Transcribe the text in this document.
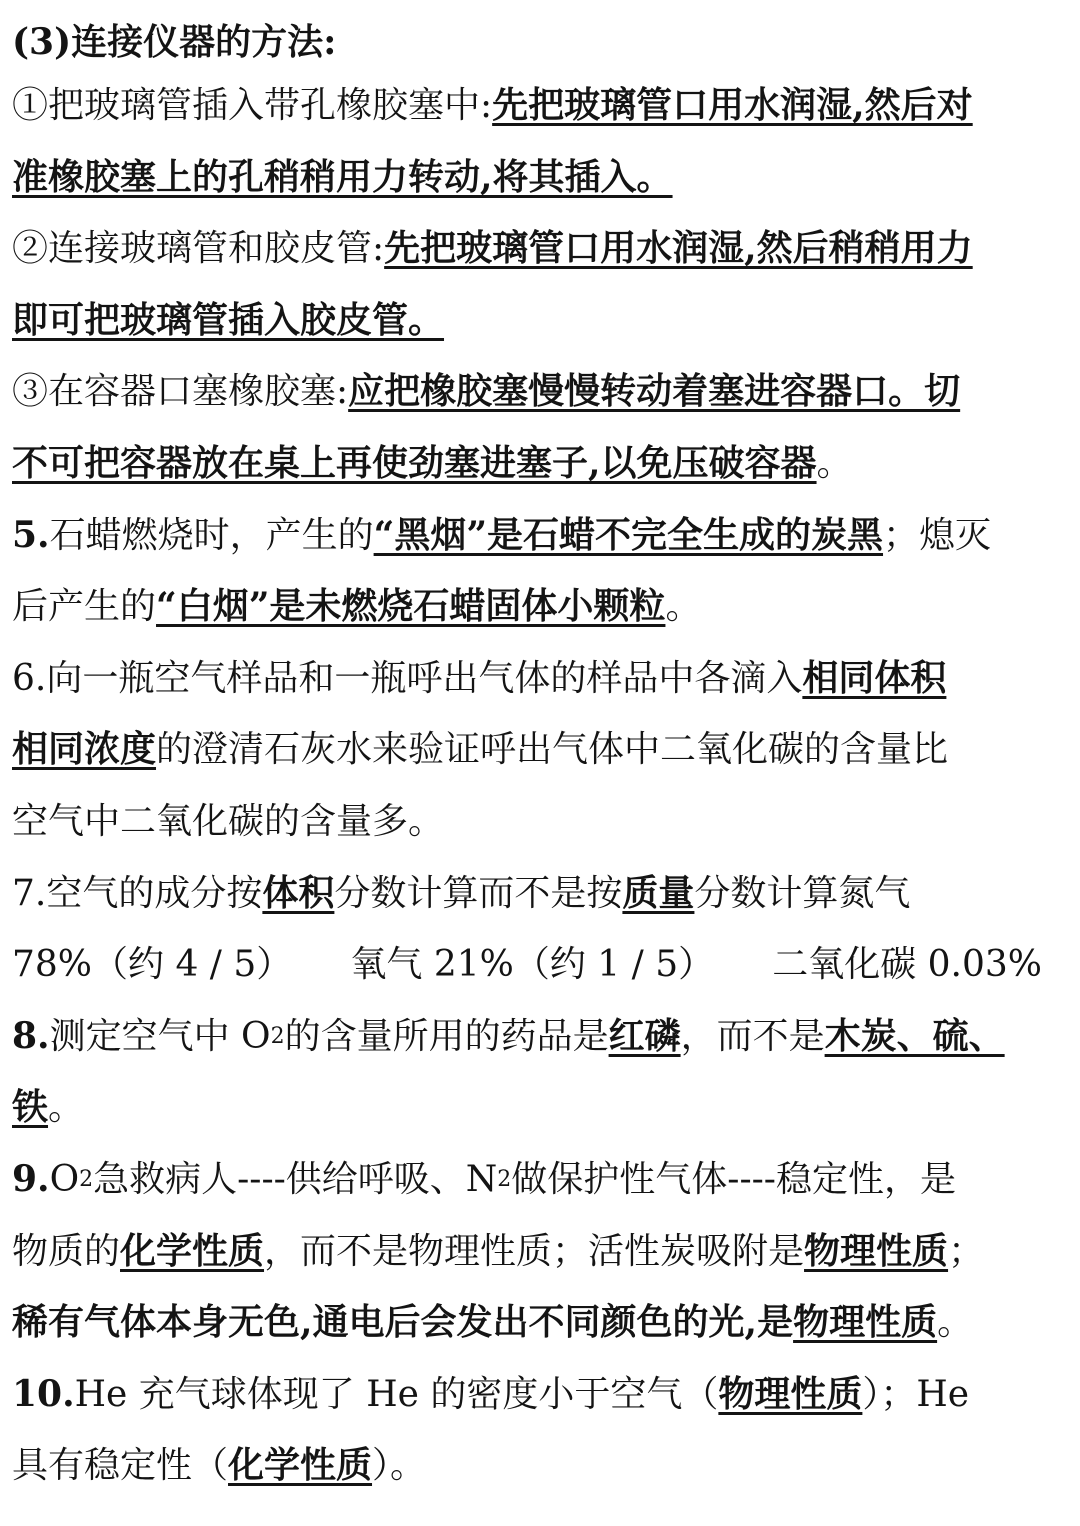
(3)连接仪器的方法:
①把玻璃管插入带孔橡胶塞中: 先把玻璃管口用水润湿,然后对
准橡胶塞上的孔稍稍用力转动,将其插入。
②连接玻璃管和胶皮管: 先把玻璃管口用水润湿,然后稍稍用力
即可把玻璃管插入胶皮管。
③在容器口塞橡胶塞: 应把橡胶塞慢慢转动着塞进容器口。切
不可把容器放在桌上再使劲塞进塞子,以免压破容器 。
5. 石蜡燃烧时，产生的 “黑烟”是石蜡不完全生成的炭黑 ；熄灭
后产生的 “白烟”是未燃烧石蜡固体小颗粒 。
6. 向一瓶空气样品和一瓶呼出气体的样品中各滴入 相同体积
相同浓度 的澄清石灰水来验证呼出气体中二氧化碳的含量比
空气中二氧化碳的含量多。
7. 空气的成分按 体积 分数计算而不是按 质量 分数计算氮气
78%（约 4 / 5） 氧气 21%（约 1 / 5） 二氧化碳 0.03%
8. 测定空气中 O 2 的含量所用的药品是 红磷 ，而不是 木炭、硫、
铁 。
9. O 2 急救病人----供给呼吸、N 2 做保护性气体----稳定性，是
物质的 化学性质 ，而不是物理性质；活性炭吸附是 物理性质 ；
稀有气体本身无色,通电后会发出不同颜色的光,是 物理性质 。
10. He 充气球体现了 He 的密度小于空气（ 物理性质 ）；He
具有稳定性（ 化学性质 ）。
